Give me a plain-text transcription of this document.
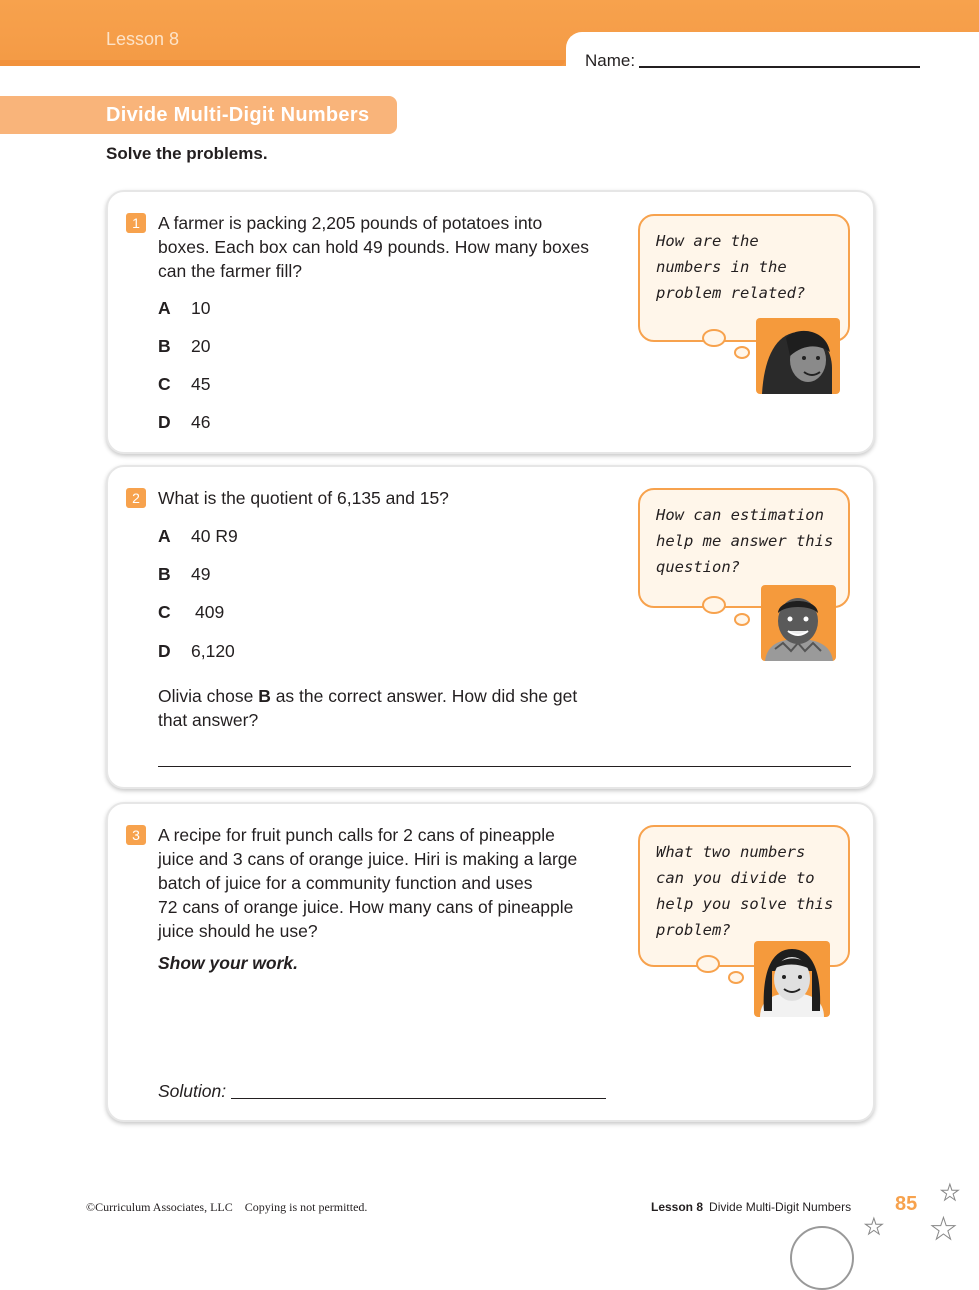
Lesson 8
Name:
Divide Multi-Digit Numbers
Solve the problems.
1	A farmer is packing 2,205 pounds of potatoes into
boxes. Each box can hold 49 pounds. How many boxes
can the farmer fill?
A 10
B 20
C 45
D 46
How are the
numbers in the
problem related?
2	What is the quotient of 6,135 and 15?
A 40 R9
B 49
C 409
D 6,120
Olivia chose B as the correct answer. How did she get
that answer?
How can estimation
help me answer this
question?
3	A recipe for fruit punch calls for 2 cans of pineapple
juice and 3 cans of orange juice. Hiri is making a large
batch of juice for a community function and uses
72 cans of orange juice. How many cans of pineapple
juice should he use?
Show your work.
Solution:
What two numbers
can you divide to
help you solve this
problem?
©Curriculum Associates, LLC    Copying is not permitted.	Lesson 8 Divide Multi-Digit Numbers 85 ★
★ ★
